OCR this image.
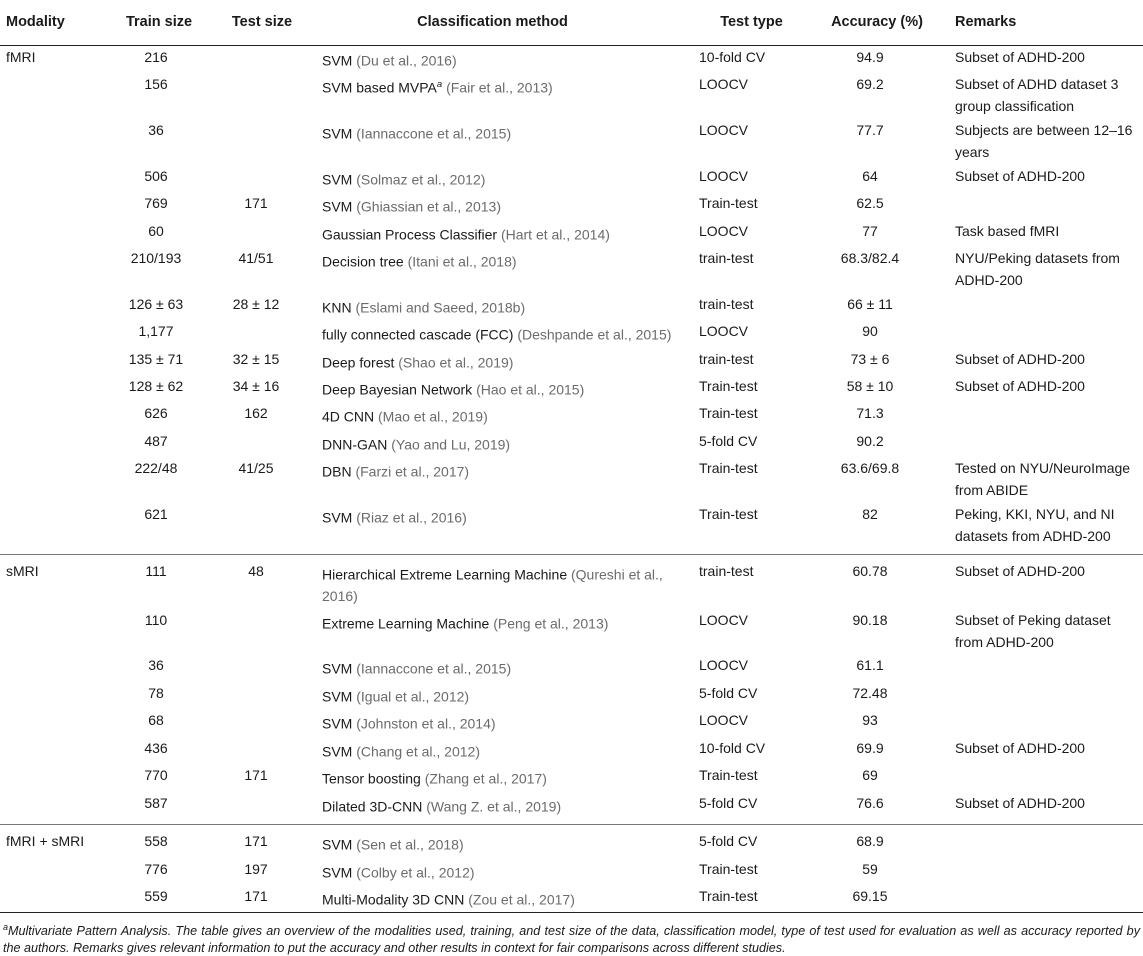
Modality	Train size	Test size	Classification method	Test type	Accuracy (%)	Remarks
fMRI	216		SVM (Du et al., 2016)	10-fold CV	94.9	Subset of ADHD-200
	156		SVM based MVPA$^a$ (Fair et al., 2013)	LOOCV	69.2	Subset of ADHD dataset 3 group classification
	36		SVM (Iannaccone et al., 2015)	LOOCV	77.7	Subjects are between 12–16 years
	506		SVM (Solmaz et al., 2012)	LOOCV	64	Subset of ADHD-200
	769	171	SVM (Ghiassian et al., 2013)	Train-test	62.5	
	60		Gaussian Process Classifier (Hart et al., 2014)	LOOCV	77	Task based fMRI
	210/193	41/51	Decision tree (Itani et al., 2018)	train-test	68.3/82.4	NYU/Peking datasets from ADHD-200
	126 ± 63	28 ± 12	KNN (Eslami and Saeed, 2018b)	train-test	66 ± 11	
	1,177		fully connected cascade (FCC) (Deshpande et al., 2015)	LOOCV	90	
	135 ± 71	32 ± 15	Deep forest (Shao et al., 2019)	train-test	73 ± 6	Subset of ADHD-200
	128 ± 62	34 ± 16	Deep Bayesian Network (Hao et al., 2015)	Train-test	58 ± 10	Subset of ADHD-200
	626	162	4D CNN (Mao et al., 2019)	Train-test	71.3	
	487		DNN-GAN (Yao and Lu, 2019)	5-fold CV	90.2	
	222/48	41/25	DBN (Farzi et al., 2017)	Train-test	63.6/69.8	Tested on NYU/NeuroImage from ABIDE
	621		SVM (Riaz et al., 2016)	Train-test	82	Peking, KKI, NYU, and NI datasets from ADHD-200
sMRI	111	48	Hierarchical Extreme Learning Machine (Qureshi et al., 2016)	train-test	60.78	Subset of ADHD-200
	110		Extreme Learning Machine (Peng et al., 2013)	LOOCV	90.18	Subset of Peking dataset from ADHD-200
	36		SVM (Iannaccone et al., 2015)	LOOCV	61.1	
	78		SVM (Igual et al., 2012)	5-fold CV	72.48	
	68		SVM (Johnston et al., 2014)	LOOCV	93	
	436		SVM (Chang et al., 2012)	10-fold CV	69.9	Subset of ADHD-200
	770	171	Tensor boosting (Zhang et al., 2017)	Train-test	69	
	587		Dilated 3D-CNN (Wang Z. et al., 2019)	5-fold CV	76.6	Subset of ADHD-200
fMRI + sMRI	558	171	SVM (Sen et al., 2018)	5-fold CV	68.9	
	776	197	SVM (Colby et al., 2012)	Train-test	59	
	559	171	Multi-Modality 3D CNN (Zou et al., 2017)	Train-test	69.15	
$^a$Multivariate Pattern Analysis. The table gives an overview of the modalities used, training, and test size of the data, classification model, type of test used for evaluation as well as accuracy reported by the authors. Remarks gives relevant information to put the accuracy and other results in context for fair comparisons across different studies.
